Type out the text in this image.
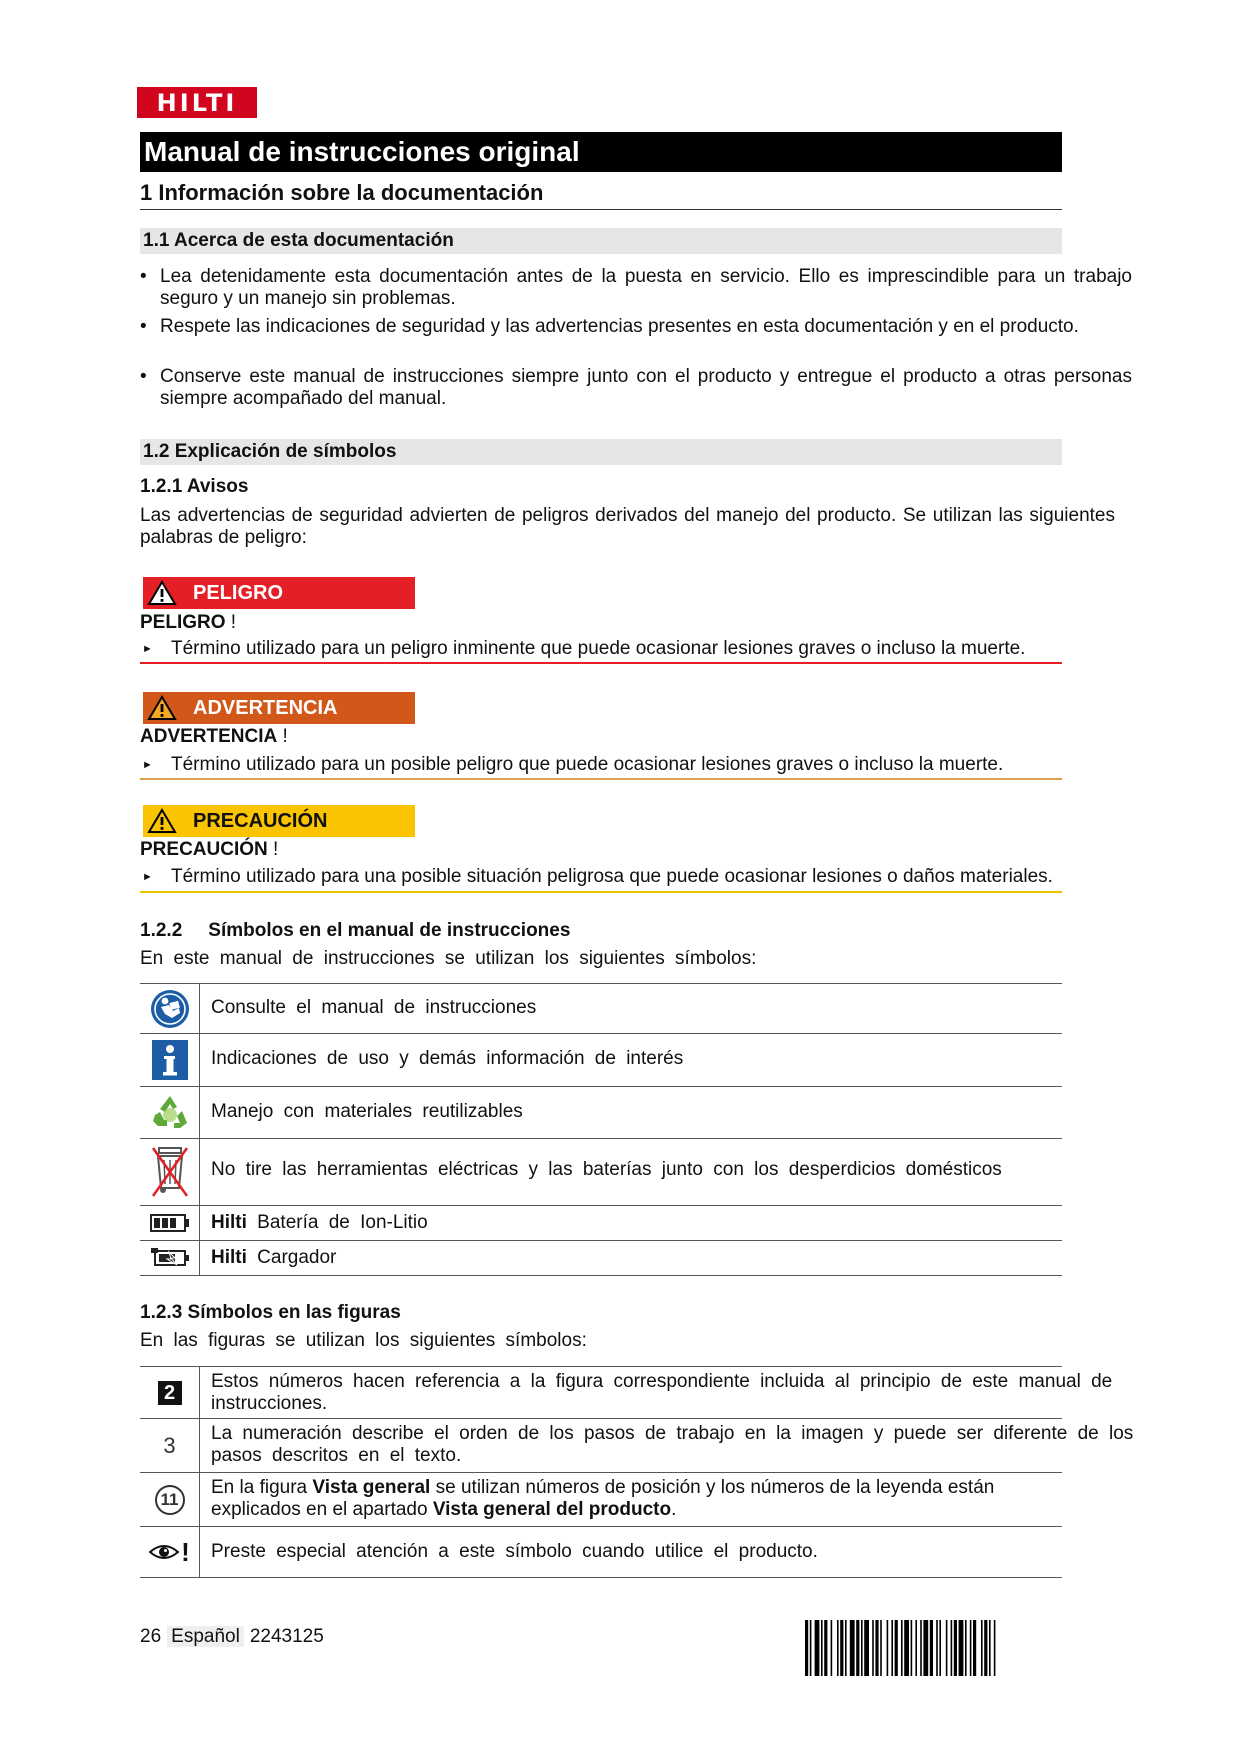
HILTI
Manual de instrucciones original
1 Información sobre la documentación
1.1 Acerca de esta documentación
• Lea detenidamente esta documentación antes de la puesta en servicio. Ello es imprescindible para un trabajo seguro y un manejo sin problemas.
• Respete las indicaciones de seguridad y las advertencias presentes en esta documentación y en el producto.
• Conserve este manual de instrucciones siempre junto con el producto y entregue el producto a otras personas siempre acompañado del manual.
1.2 Explicación de símbolos
1.2.1 Avisos
Las advertencias de seguridad advierten de peligros derivados del manejo del producto. Se utilizan las siguientes palabras de peligro:
PELIGRO
PELIGRO !
► Término utilizado para un peligro inminente que puede ocasionar lesiones graves o incluso la muerte.
ADVERTENCIA
ADVERTENCIA !
► Término utilizado para un posible peligro que puede ocasionar lesiones graves o incluso la muerte.
PRECAUCIÓN
PRECAUCIÓN !
► Término utilizado para una posible situación peligrosa que puede ocasionar lesiones o daños materiales.
1.2.2 Símbolos en el manual de instrucciones
En este manual de instrucciones se utilizan los siguientes símbolos:
Consulte el manual de instrucciones
Indicaciones de uso y demás información de interés
Manejo con materiales reutilizables
No tire las herramientas eléctricas y las baterías junto con los desperdicios domésticos
Hilti Batería de Ion-Litio
Hilti Cargador
1.2.3 Símbolos en las figuras
En las figuras se utilizan los siguientes símbolos:
2	Estos números hacen referencia a la figura correspondiente incluida al principio de este manual de instrucciones.
3 La numeración describe el orden de los pasos de trabajo en la imagen y puede ser diferente de los pasos descritos en el texto.
11
En la figura Vista general se utilizan números de posición y los números de la leyenda están explicados en el apartado Vista general del producto.
! Preste especial atención a este símbolo cuando utilice el producto.
26 Español 2243125
